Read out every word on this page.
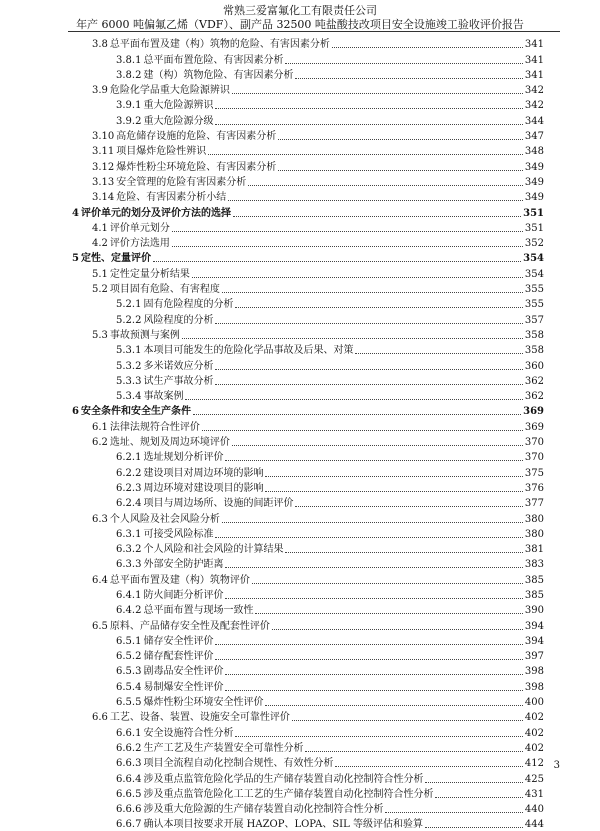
常熟三爱富氟化工有限责任公司
年产 6000 吨偏氟乙烯（VDF）、副产品 32500 吨盐酸技改项目安全设施竣工验收评价报告
3.8 总平面布置及建（构）筑物的危险、有害因素分析	341
3.8.1 总平面布置危险、有害因素分析	341
3.8.2 建（构）筑物危险、有害因素分析	341
3.9 危险化学品重大危险源辨识	342
3.9.1 重大危险源辨识	342
3.9.2 重大危险源分级	344
3.10 高危储存设施的危险、有害因素分析	347
3.11 项目爆炸危险性辨识	348
3.12 爆炸性粉尘环境危险、有害因素分析	349
3.13 安全管理的危险有害因素分析	349
3.14 危险、有害因素分析小结	349
4 评价单元的划分及评价方法的选择	351
4.1 评价单元划分	351
4.2 评价方法选用	352
5 定性、定量评价	354
5.1 定性定量分析结果	354
5.2 项目固有危险、有害程度	355
5.2.1 固有危险程度的分析	355
5.2.2 风险程度的分析	357
5.3 事故预测与案例	358
5.3.1 本项目可能发生的危险化学品事故及后果、对策	358
5.3.2 多米诺效应分析	360
5.3.3 试生产事故分析	362
5.3.4 事故案例	362
6 安全条件和安全生产条件	369
6.1 法律法规符合性评价	369
6.2 选址、规划及周边环境评价	370
6.2.1 选址规划分析评价	370
6.2.2 建设项目对周边环境的影响	375
6.2.3 周边环境对建设项目的影响	376
6.2.4 项目与周边场所、设施的间距评价	377
6.3 个人风险及社会风险分析	380
6.3.1 可接受风险标准	380
6.3.2 个人风险和社会风险的计算结果	381
6.3.3 外部安全防护距离	383
6.4 总平面布置及建（构）筑物评价	385
6.4.1 防火间距分析评价	385
6.4.2 总平面布置与现场一致性	390
6.5 原料、产品储存安全性及配套性评价	394
6.5.1 储存安全性评价	394
6.5.2 储存配套性评价	397
6.5.3 剧毒品安全性评价	398
6.5.4 易制爆安全性评价	398
6.5.5 爆炸性粉尘环境安全性评价	400
6.6 工艺、设备、装置、设施安全可靠性评价	402
6.6.1 安全设施符合性分析	402
6.6.2 生产工艺及生产装置安全可靠性分析	402
6.6.3 项目全流程自动化控制合规性、有效性分析	412
6.6.4 涉及重点监管危险化学品的生产储存装置自动化控制符合性分析	425
6.6.5 涉及重点监管危险化工工艺的生产储存装置自动化控制符合性分析	431
6.6.6 涉及重大危险源的生产储存装置自动化控制符合性分析	440
6.6.7 确认本项目按要求开展 HAZOP、LOPA、SIL 等级评估和验算	444
3
